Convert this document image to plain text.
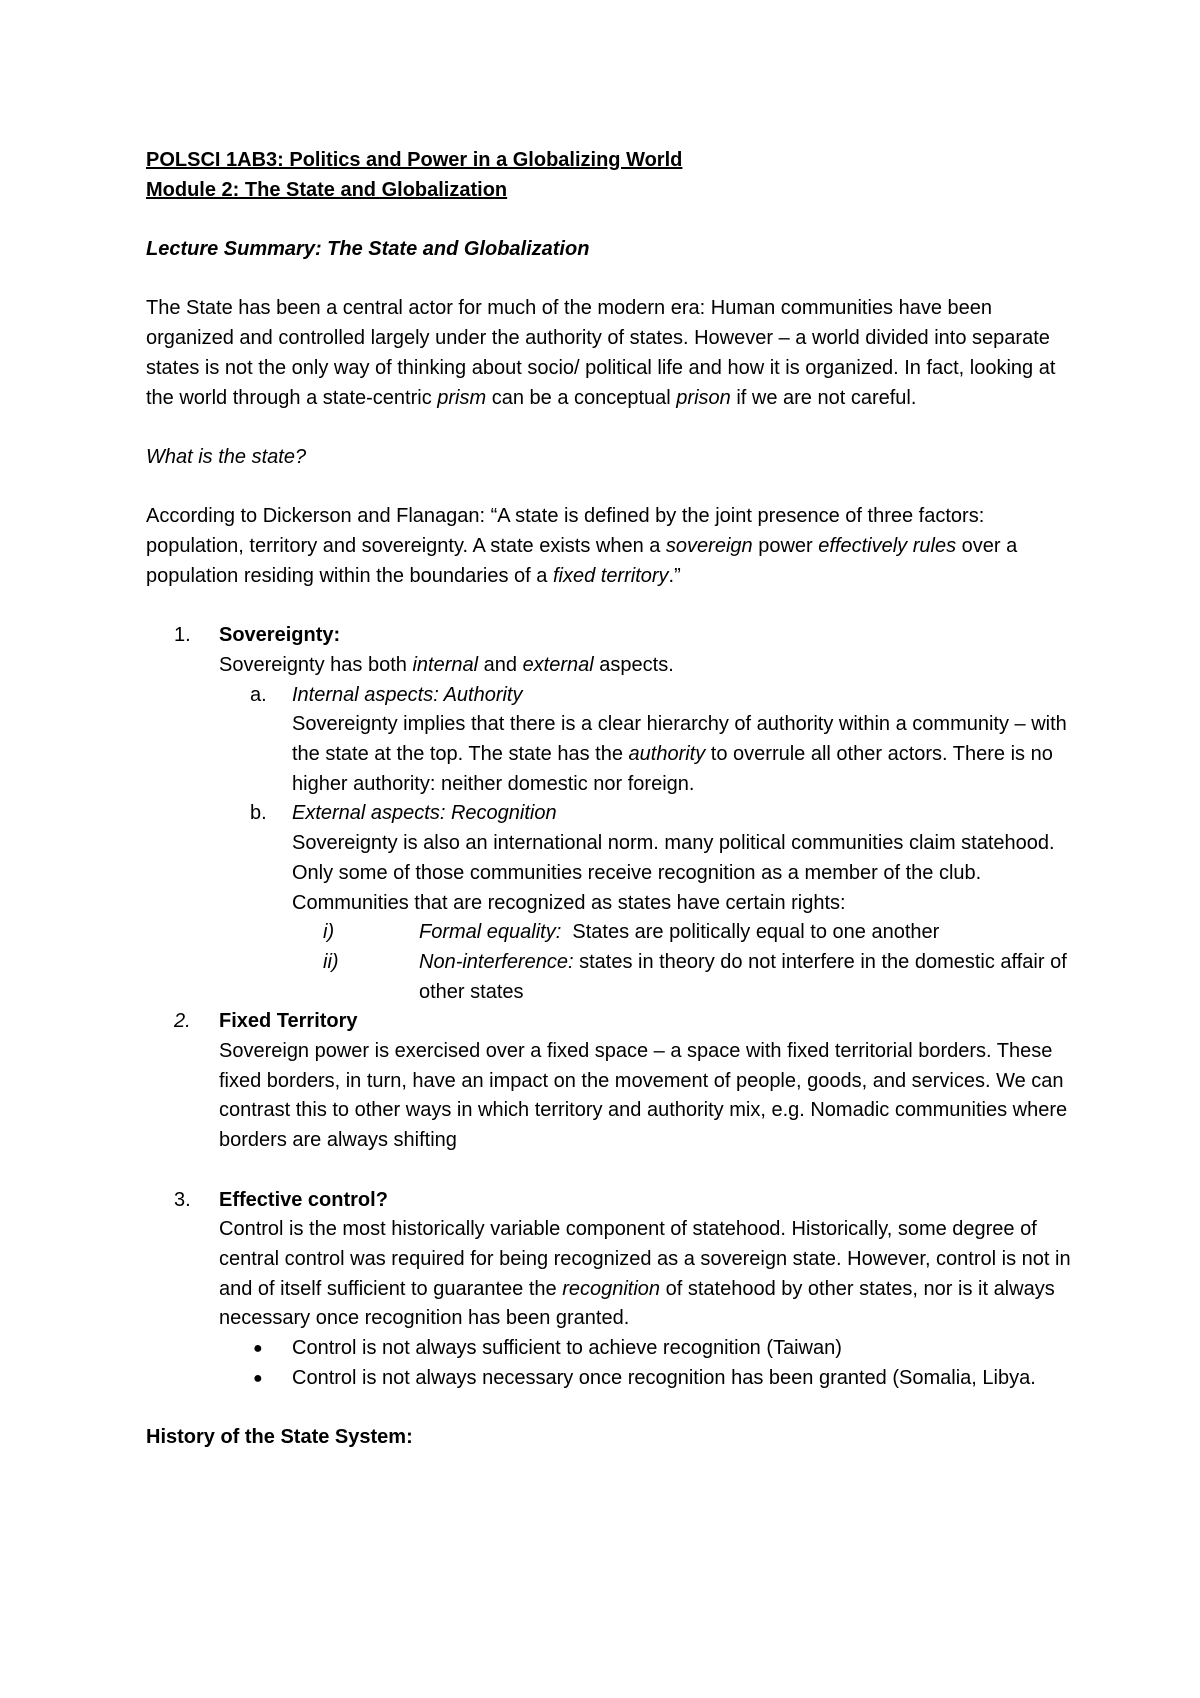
POLSCI 1AB3: Politics and Power in a Globalizing World

Module 2: The State and Globalization

Lecture Summary: The State and Globalization

The State has been a central actor for much of the modern era: Human communities have been organized and controlled largely under the authority of states. However – a world divided into separate states is not the only way of thinking about socio/ political life and how it is organized. In fact, looking at the world through a state-centric prism can be a conceptual prison if we are not careful.

What is the state?

According to Dickerson and Flanagan: “A state is defined by the joint presence of three factors: population, territory and sovereignty. A state exists when a sovereign power effectively rules over a population residing within the boundaries of a fixed territory.”

1. Sovereignty:

Sovereignty has both internal and external aspects.

a. Internal aspects: Authority

Sovereignty implies that there is a clear hierarchy of authority within a community – with the state at the top. The state has the authority to overrule all other actors. There is no higher authority: neither domestic nor foreign.

b. External aspects: Recognition

Sovereignty is also an international norm. many political communities claim statehood. Only some of those communities receive recognition as a member of the club. Communities that are recognized as states have certain rights:

i)	Formal equality:  States are politically equal to one another

ii)	Non-interference: states in theory do not interfere in the domestic affair of other states

2. Fixed Territory

Sovereign power is exercised over a fixed space – a space with fixed territorial borders. These fixed borders, in turn, have an impact on the movement of people, goods, and services. We can contrast this to other ways in which territory and authority mix, e.g. Nomadic communities where borders are always shifting

3. Effective control?

Control is the most historically variable component of statehood. Historically, some degree of central control was required for being recognized as a sovereign state. However, control is not in and of itself sufficient to guarantee the recognition of statehood by other states, nor is it always necessary once recognition has been granted.

● Control is not always sufficient to achieve recognition (Taiwan)

● Control is not always necessary once recognition has been granted (Somalia, Libya.

History of the State System:
